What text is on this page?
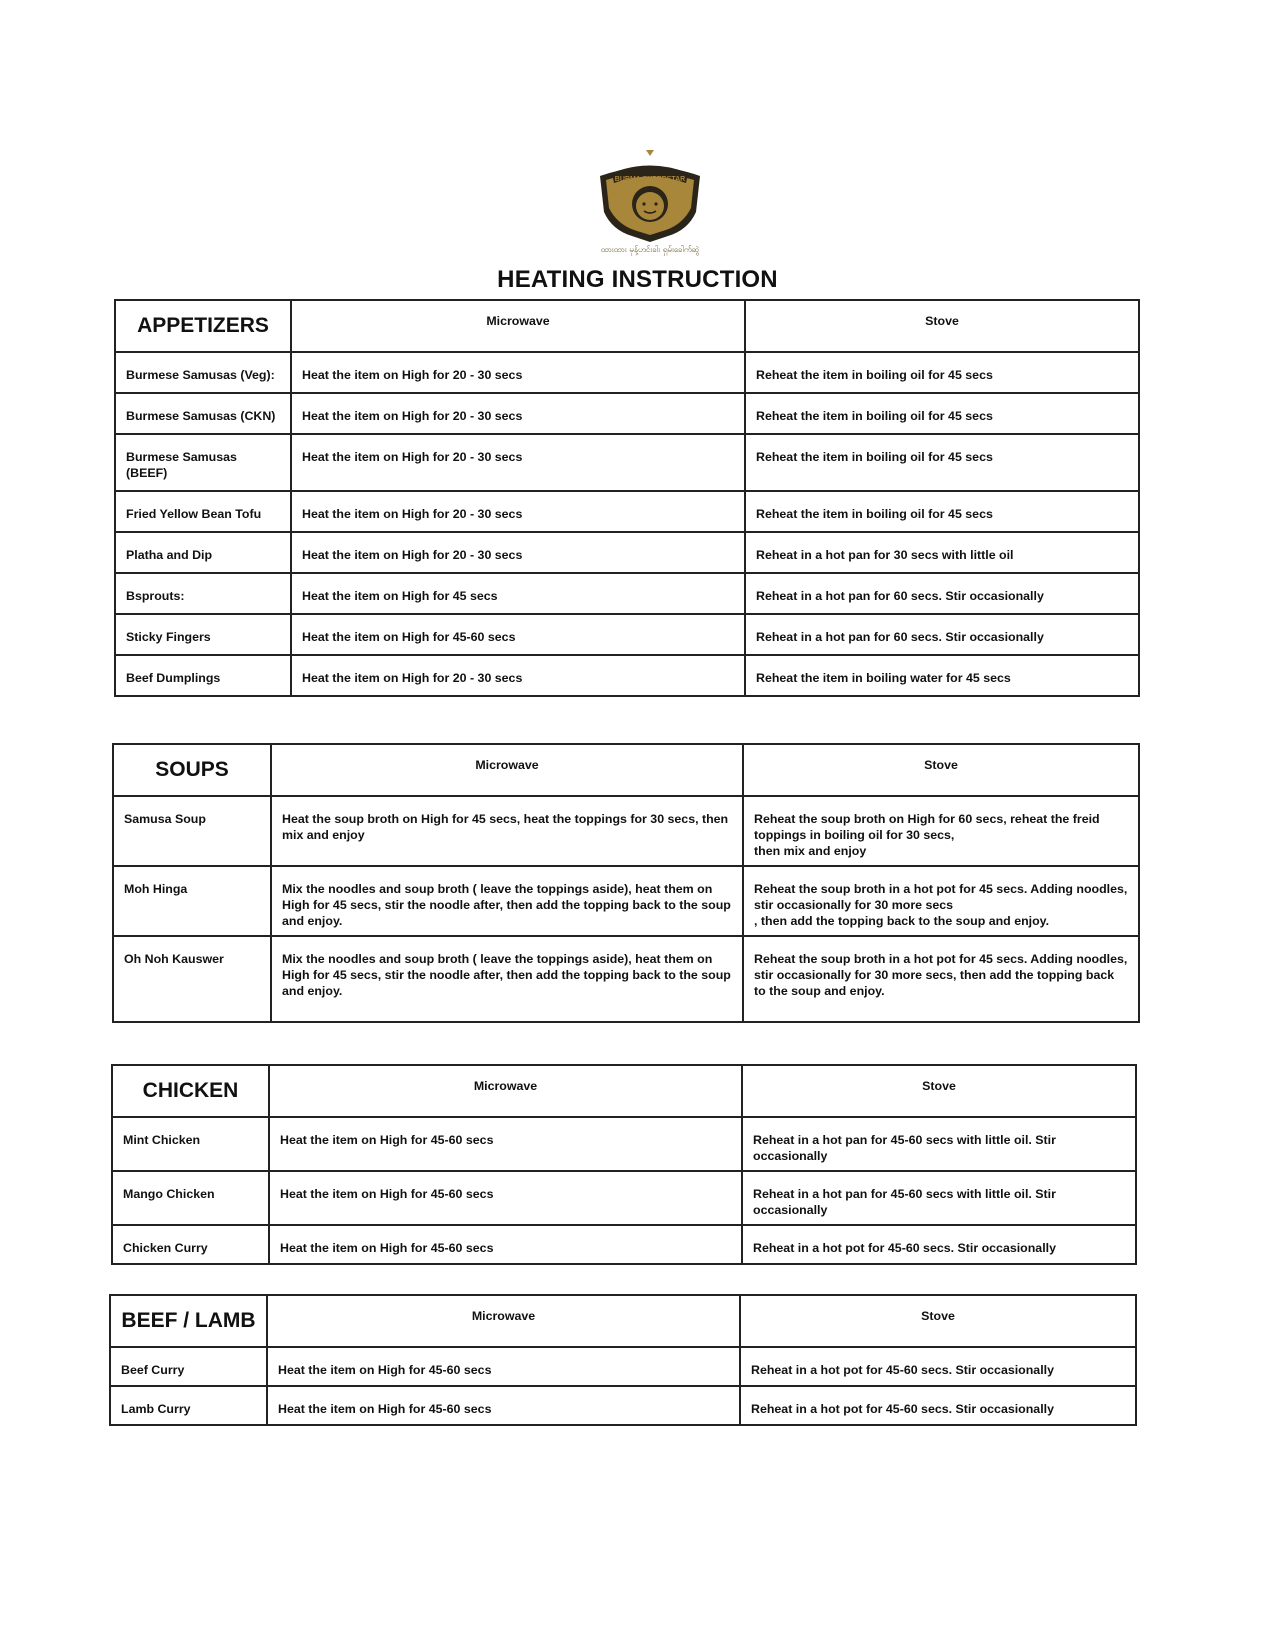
BURMA SUPERSTAR
ထားထား မုန့်ဟင်းခါး ရှမ်းခေါက်ဆွဲ
HEATING INSTRUCTION
APPETIZERS	Microwave	Stove
Burmese Samusas (Veg):	Heat the item on High for 20 - 30 secs	Reheat the item in boiling oil for 45 secs
Burmese Samusas (CKN)	Heat the item on High for 20 - 30 secs	Reheat the item in boiling oil for 45 secs
Burmese Samusas (BEEF)	Heat the item on High for 20 - 30 secs	Reheat the item in boiling oil for 45 secs
Fried Yellow Bean Tofu	Heat the item on High for 20 - 30 secs	Reheat the item in boiling oil for 45 secs
Platha and Dip	Heat the item on High for 20 - 30 secs	Reheat in a hot pan for 30 secs with little oil
Bsprouts:	Heat the item on High for 45 secs	Reheat in a hot pan for 60 secs. Stir occasionally
Sticky Fingers	Heat the item on High for 45-60 secs	Reheat in a hot pan for 60 secs. Stir occasionally
Beef Dumplings	Heat the item on High for 20 - 30 secs	Reheat the item in boiling water for 45 secs
SOUPS	Microwave	Stove
Samusa Soup	Heat the soup broth on High for 45 secs, heat the toppings for 30 secs, then mix and enjoy	Reheat the soup broth on High for 60 secs, reheat the freid toppings in boiling oil for 30 secs,
then mix and enjoy
Moh Hinga	Mix the noodles and soup broth ( leave the toppings aside), heat them on High for 45 secs, stir the noodle after, then add the topping back to the soup and enjoy.	Reheat the soup broth in a hot pot for 45 secs. Adding noodles, stir occasionally for 30 more secs
, then add the topping back to the soup and enjoy.
Oh Noh Kauswer	Mix the noodles and soup broth ( leave the toppings aside), heat them on High for 45 secs, stir the noodle after, then add the topping back to the soup and enjoy.	Reheat the soup broth in a hot pot for 45 secs. Adding noodles,
stir occasionally for 30 more secs, then add the topping back to the soup and enjoy.
CHICKEN	Microwave	Stove
Mint Chicken	Heat the item on High for 45-60 secs	Reheat in a hot pan for 45-60 secs with little oil. Stir occasionally
Mango Chicken	Heat the item on High for 45-60 secs	Reheat in a hot pan for 45-60 secs with little oil. Stir occasionally
Chicken Curry	Heat the item on High for 45-60 secs	Reheat in a hot pot for 45-60 secs. Stir occasionally
BEEF / LAMB	Microwave	Stove
Beef Curry	Heat the item on High for 45-60 secs	Reheat in a hot pot for 45-60 secs. Stir occasionally
Lamb Curry	Heat the item on High for 45-60 secs	Reheat in a hot pot for 45-60 secs. Stir occasionally
